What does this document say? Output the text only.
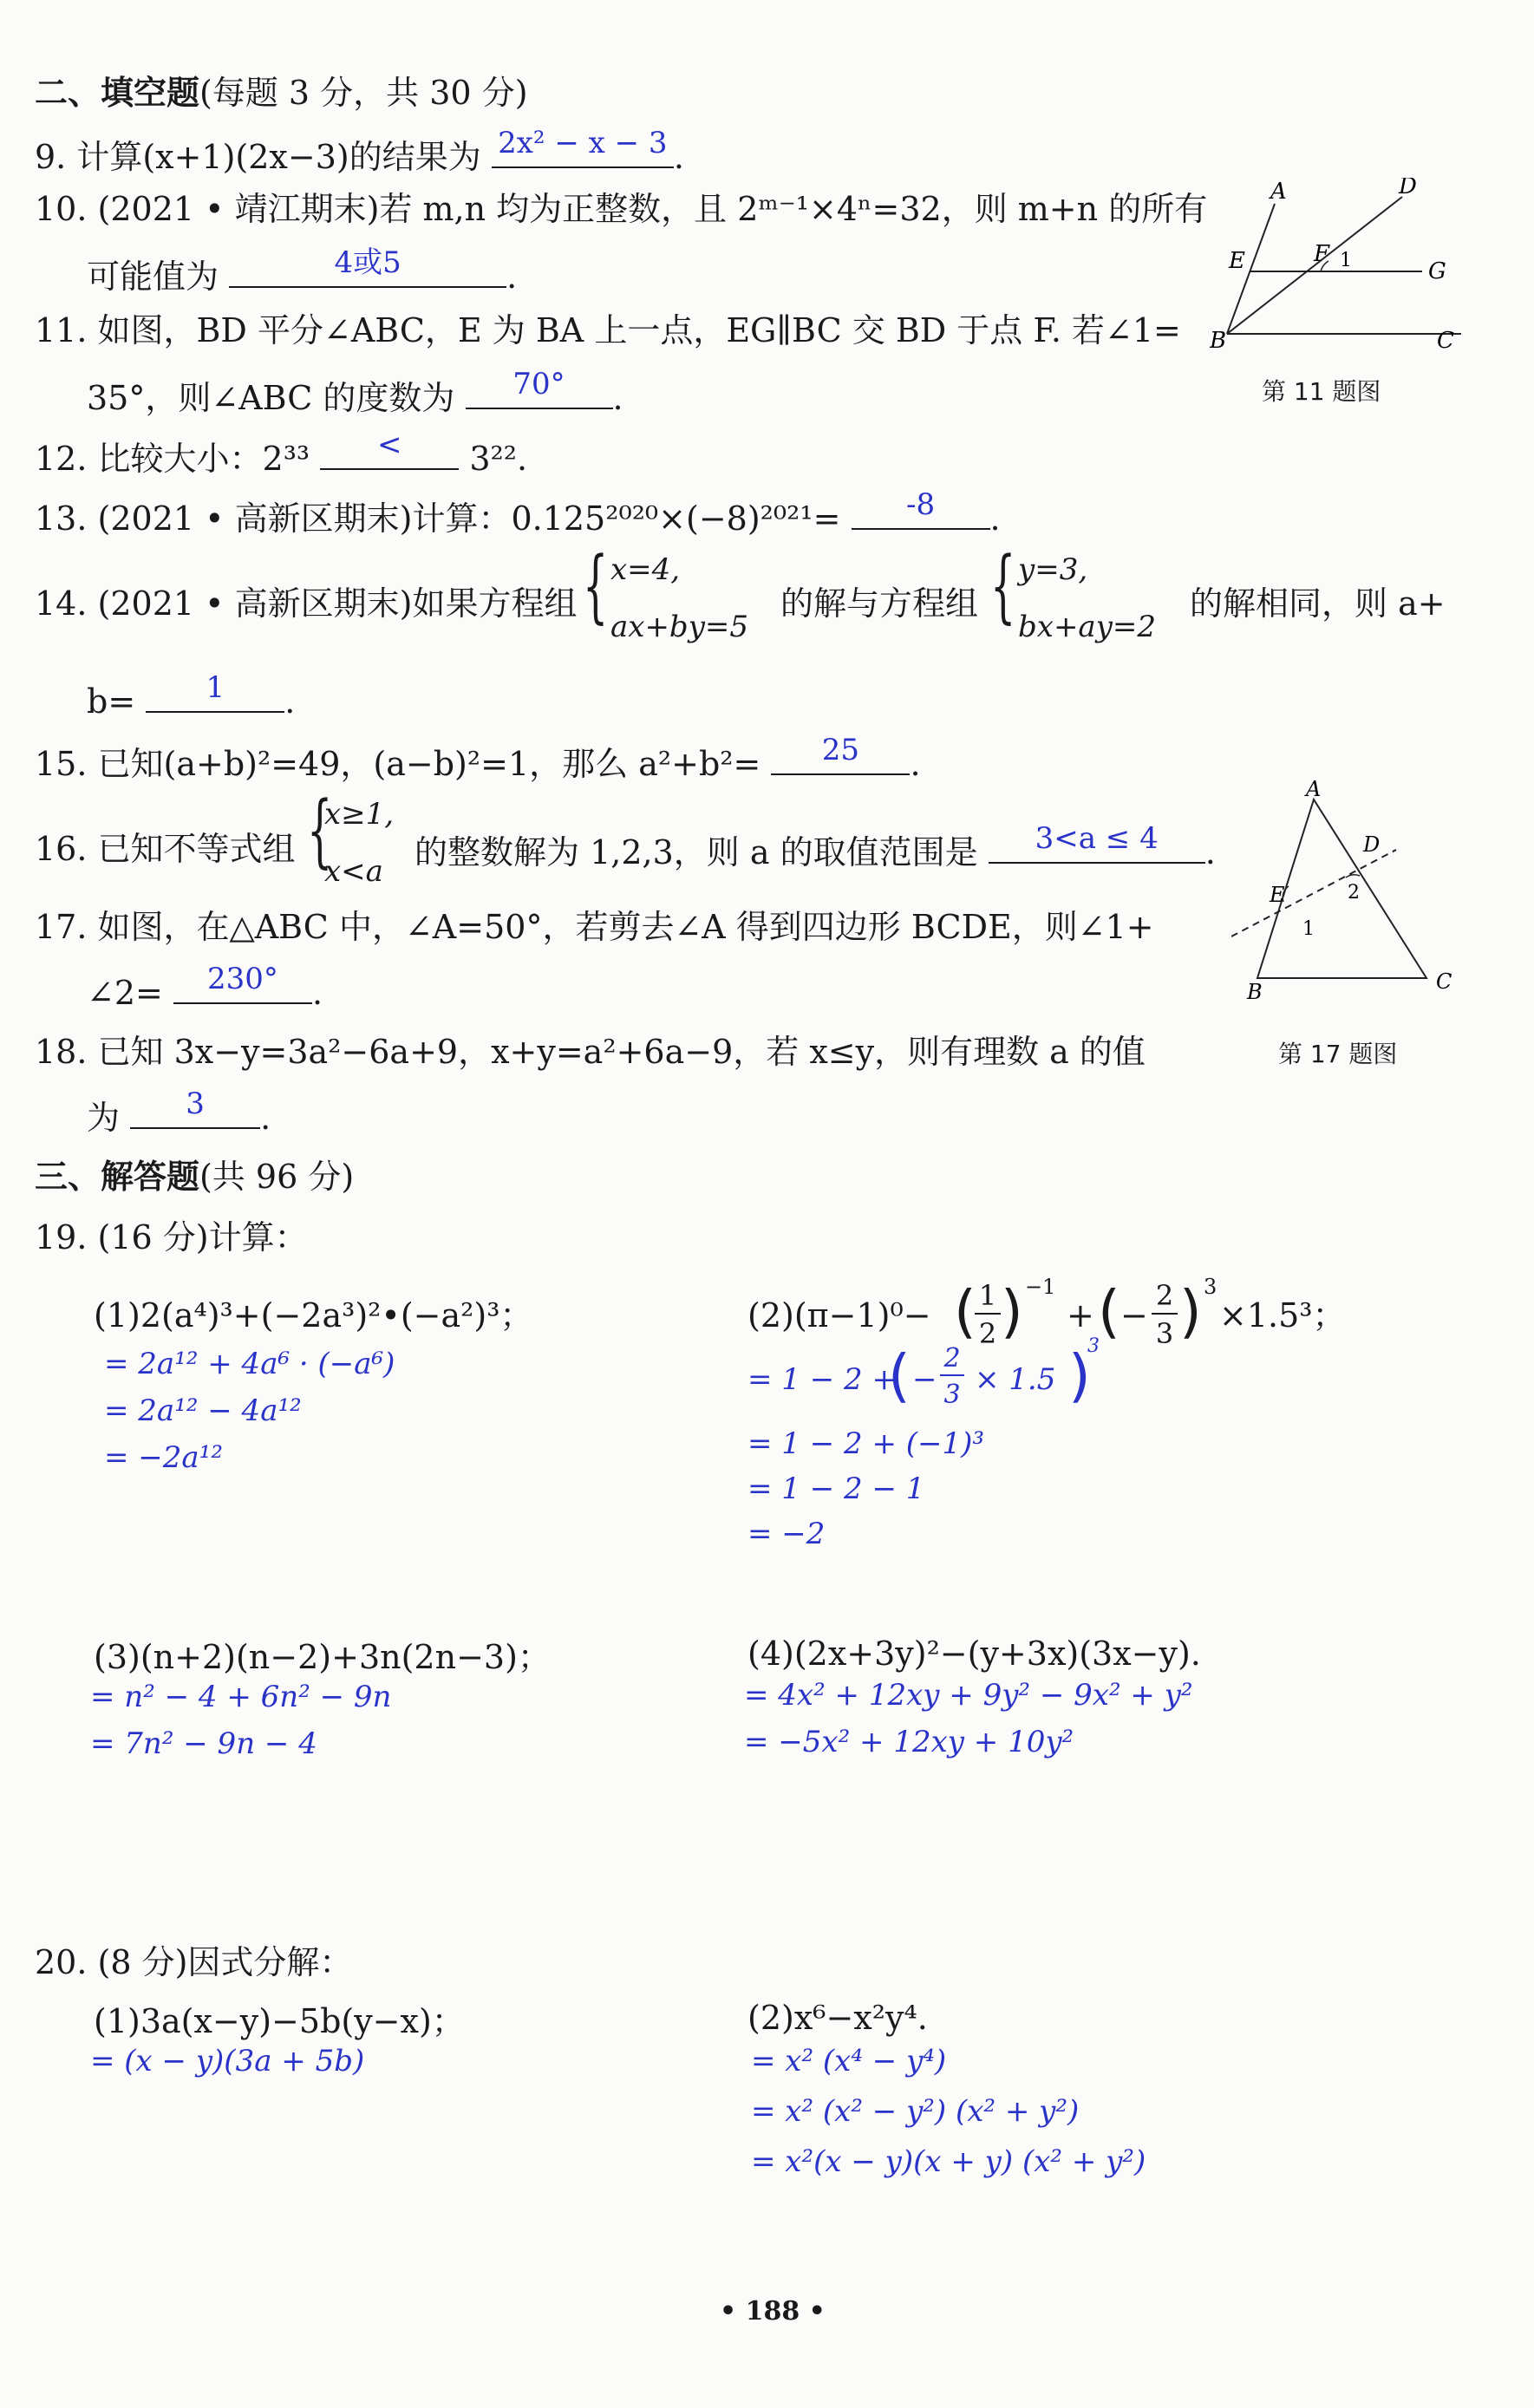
二、填空题(每题 3 分，共 30 分)
9. 计算(x+1)(2x−3)的结果为 2x² − x − 3 .
10. (2021 • 靖江期末)若 m,n 均为正整数，且 2ᵐ⁻¹×4ⁿ=32，则 m+n 的所有
可能值为	4或5	.
11. 如图，BD 平分∠ABC，E 为 BA 上一点，EG∥BC 交 BD 于点 F. 若∠1=
35°，则∠ABC 的度数为	70°	.
A	D
E	F
G
B	C
1
第 11 题图
12. 比较大小：2³³	<	3²².
13. (2021 • 高新区期末)计算：0.125²⁰²⁰×(−8)²⁰²¹=	-8	.
14. (2021 • 高新区期末)如果方程组 { x=4,
ax+by=5
的解与方程组 { y=3,
bx+ay=2
的解相同，则 a+
b=	1	.
15. 已知(a+b)²=49，(a−b)²=1，那么 a²+b²=	25	.
16. 已知不等式组 {
x≥1,
x<a 的整数解为 1,2,3，则 a 的取值范围是	3<a ≤ 4	.
A
D
E
B	C
1
2
17. 如图，在△ABC 中，∠A=50°，若剪去∠A 得到四边形 BCDE，则∠1+
∠2=	230°	.
18. 已知 3x−y=3a²−6a+9，x+y=a²+6a−9，若 x≤y，则有理数 a 的值	第 17 题图
为	3	.
三、解答题(共 96 分)
19. (16 分)计算：
(1)2(a⁴)³+(−2a³)²•(−a²)³；
= 2a¹² + 4a⁶ · (−a⁶)
= 2a¹² − 4a¹²
= −2a¹²
(2)(π−1)⁰− ( 1
2 ) −1
+ ( −
2
3 ) 3
×1.5³；
= 1 − 2 +
( −
2
3 × 1.5 )
3
= 1 − 2 + (−1)³
= 1 − 2 − 1
= −2
(3)(n+2)(n−2)+3n(2n−3)；
= n² − 4 + 6n² − 9n
= 7n² − 9n − 4
(4)(2x+3y)²−(y+3x)(3x−y).
= 4x² + 12xy + 9y² − 9x² + y²
= −5x² + 12xy + 10y²
20. (8 分)因式分解：
(1)3a(x−y)−5b(y−x)；
= (x − y)(3a + 5b)
(2)x⁶−x²y⁴.
= x² (x⁴ − y⁴)
= x² (x² − y²) (x² + y²)
= x²(x − y)(x + y) (x² + y²)
• 188 •
